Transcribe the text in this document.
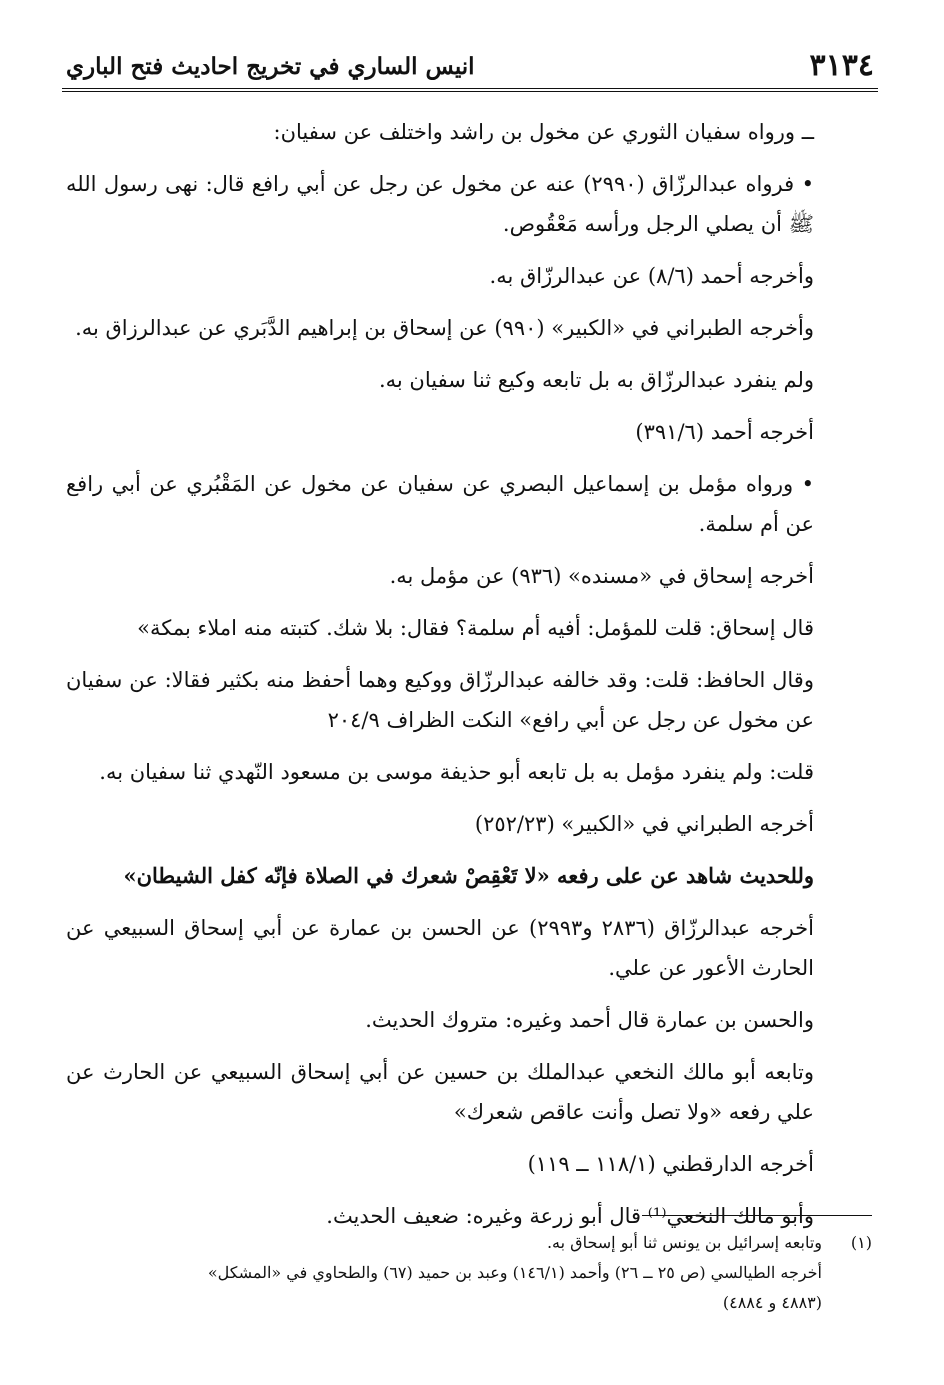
٣١٣٤
انيس الساري في تخريج احاديث فتح الباري

ــ ورواه سفيان الثوري عن مخول بن راشد واختلف عن سفيان:

• فرواه عبدالرزّاق (٢٩٩٠) عنه عن مخول عن رجل عن أبي رافع قال: نهى رسول الله ﷺ أن يصلي الرجل ورأسه مَعْقُوص.

وأخرجه أحمد (٨/٦) عن عبدالرزّاق به.

وأخرجه الطبراني في «الكبير» (٩٩٠) عن إسحاق بن إبراهيم الدَّبَري عن عبدالرزاق به.

ولم ينفرد عبدالرزّاق به بل تابعه وكيع ثنا سفيان به.

أخرجه أحمد (٣٩١/٦)

• ورواه مؤمل بن إسماعيل البصري عن سفيان عن مخول عن المَقْبُري عن أبي رافع عن أم سلمة.

أخرجه إسحاق في «مسنده» (٩٣٦) عن مؤمل به.

قال إسحاق: قلت للمؤمل: أفيه أم سلمة؟ فقال: بلا شك. كتبته منه املاء بمكة»

وقال الحافظ: قلت: وقد خالفه عبدالرزّاق ووكيع وهما أحفظ منه بكثير فقالا: عن سفيان عن مخول عن رجل عن أبي رافع» النكت الظراف ٢٠٤/٩

قلت: ولم ينفرد مؤمل به بل تابعه أبو حذيفة موسى بن مسعود النّهدي ثنا سفيان به.

أخرجه الطبراني في «الكبير» (٢٥٢/٢٣)

وللحديث شاهد عن على رفعه «لا تَعْقِصْ شعرك في الصلاة فإنّه كفل الشيطان»

أخرجه عبدالرزّاق (٢٨٣٦ و٢٩٩٣) عن الحسن بن عمارة عن أبي إسحاق السبيعي عن الحارث الأعور عن علي.

والحسن بن عمارة قال أحمد وغيره: متروك الحديث.

وتابعه أبو مالك النخعي عبدالملك بن حسين عن أبي إسحاق السبيعي عن الحارث عن علي رفعه «ولا تصل وأنت عاقص شعرك»

أخرجه الدارقطني (١١٨/١ ــ ١١٩)

وأبو مالك النخعي⁽¹⁾ قال أبو زرعة وغيره: ضعيف الحديث.

(١)
وتابعه إسرائيل بن يونس ثنا أبو إسحاق به.
أخرجه الطيالسي (ص ٢٥ ــ ٢٦) وأحمد (١٤٦/١) وعبد بن حميد (٦٧) والطحاوي في «المشكل»
(٤٨٨٣ و ٤٨٨٤)
